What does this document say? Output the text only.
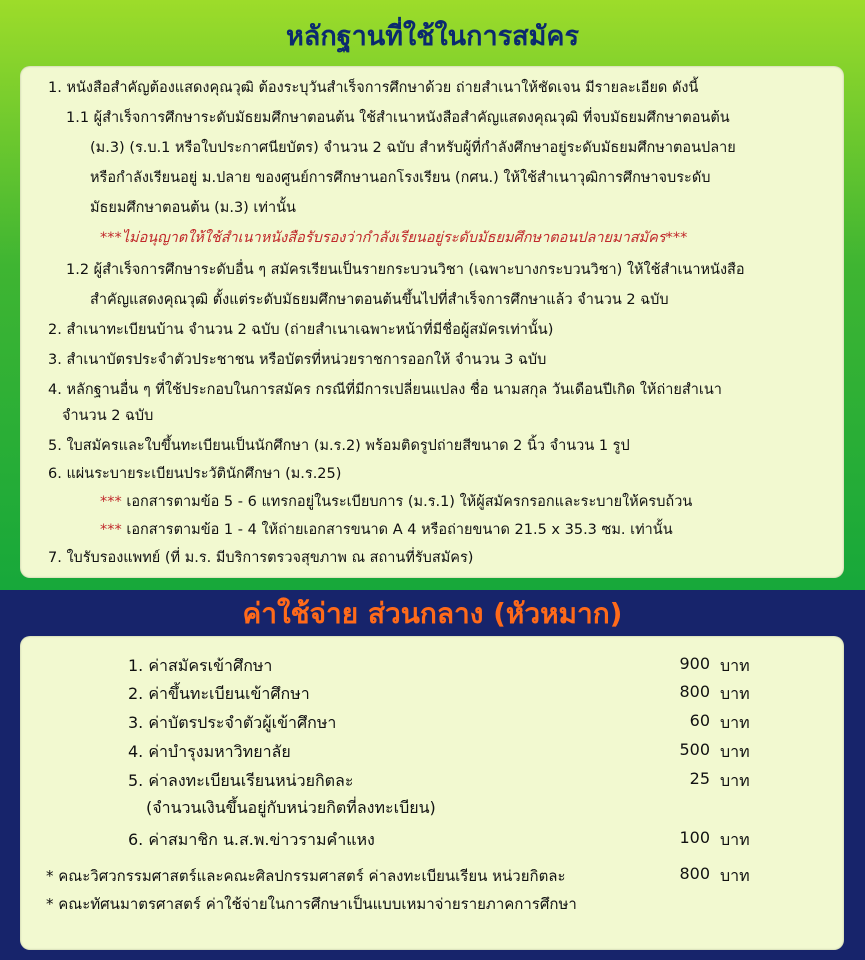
หลักฐานที่ใช้ในการสมัคร
1. หนังสือสำคัญต้องแสดงคุณวุฒิ ต้องระบุวันสำเร็จการศึกษาด้วย ถ่ายสำเนาให้ชัดเจน มีรายละเอียด ดังนี้
1.1 ผู้สำเร็จการศึกษาระดับมัธยมศึกษาตอนต้น ใช้สำเนาหนังสือสำคัญแสดงคุณวุฒิ ที่จบมัธยมศึกษาตอนต้น
(ม.3) (ร.บ.1 หรือใบประกาศนียบัตร) จำนวน 2 ฉบับ สำหรับผู้ที่กำลังศึกษาอยู่ระดับมัธยมศึกษาตอนปลาย
หรือกำลังเรียนอยู่ ม.ปลาย ของศูนย์การศึกษานอกโรงเรียน (กศน.) ให้ใช้สำเนาวุฒิการศึกษาจบระดับ
มัธยมศึกษาตอนต้น (ม.3) เท่านั้น
***ไม่อนุญาตให้ใช้สำเนาหนังสือรับรองว่ากำลังเรียนอยู่ระดับมัธยมศึกษาตอนปลายมาสมัคร***
1.2 ผู้สำเร็จการศึกษาระดับอื่น ๆ สมัครเรียนเป็นรายกระบวนวิชา (เฉพาะบางกระบวนวิชา) ให้ใช้สำเนาหนังสือ
สำคัญแสดงคุณวุฒิ ตั้งแต่ระดับมัธยมศึกษาตอนต้นขึ้นไปที่สำเร็จการศึกษาแล้ว จำนวน 2 ฉบับ
2. สำเนาทะเบียนบ้าน จำนวน 2 ฉบับ (ถ่ายสำเนาเฉพาะหน้าที่มีชื่อผู้สมัครเท่านั้น)
3. สำเนาบัตรประจำตัวประชาชน หรือบัตรที่หน่วยราชการออกให้ จำนวน 3 ฉบับ
4. หลักฐานอื่น ๆ ที่ใช้ประกอบในการสมัคร กรณีที่มีการเปลี่ยนแปลง ชื่อ นามสกุล วันเดือนปีเกิด ให้ถ่ายสำเนา
จำนวน 2 ฉบับ
5. ใบสมัครและใบขึ้นทะเบียนเป็นนักศึกษา (ม.ร.2) พร้อมติดรูปถ่ายสีขนาด 2 นิ้ว จำนวน 1 รูป
6. แผ่นระบายระเบียนประวัตินักศึกษา (ม.ร.25)
*** เอกสารตามข้อ 5 - 6 แทรกอยู่ในระเบียบการ (ม.ร.1) ให้ผู้สมัครกรอกและระบายให้ครบถ้วน
*** เอกสารตามข้อ 1 - 4 ให้ถ่ายเอกสารขนาด A 4 หรือถ่ายขนาด 21.5 x 35.3 ซม. เท่านั้น
7. ใบรับรองแพทย์ (ที่ ม.ร. มีบริการตรวจสุขภาพ ณ สถานที่รับสมัคร)
ค่าใช้จ่าย ส่วนกลาง (หัวหมาก)
1. ค่าสมัครเข้าศึกษา	900 บาท
2. ค่าขึ้นทะเบียนเข้าศึกษา	800 บาท
3. ค่าบัตรประจำตัวผู้เข้าศึกษา	60 บาท
4. ค่าบำรุงมหาวิทยาลัย	500 บาท
5. ค่าลงทะเบียนเรียนหน่วยกิตละ	25 บาท
(จำนวนเงินขึ้นอยู่กับหน่วยกิตที่ลงทะเบียน)
6. ค่าสมาชิก น.ส.พ.ข่าวรามคำแหง	100 บาท
* คณะวิศวกรรมศาสตร์และคณะศิลปกรรมศาสตร์ ค่าลงทะเบียนเรียน หน่วยกิตละ	800 บาท
* คณะทัศนมาตรศาสตร์ ค่าใช้จ่ายในการศึกษาเป็นแบบเหมาจ่ายรายภาคการศึกษา
